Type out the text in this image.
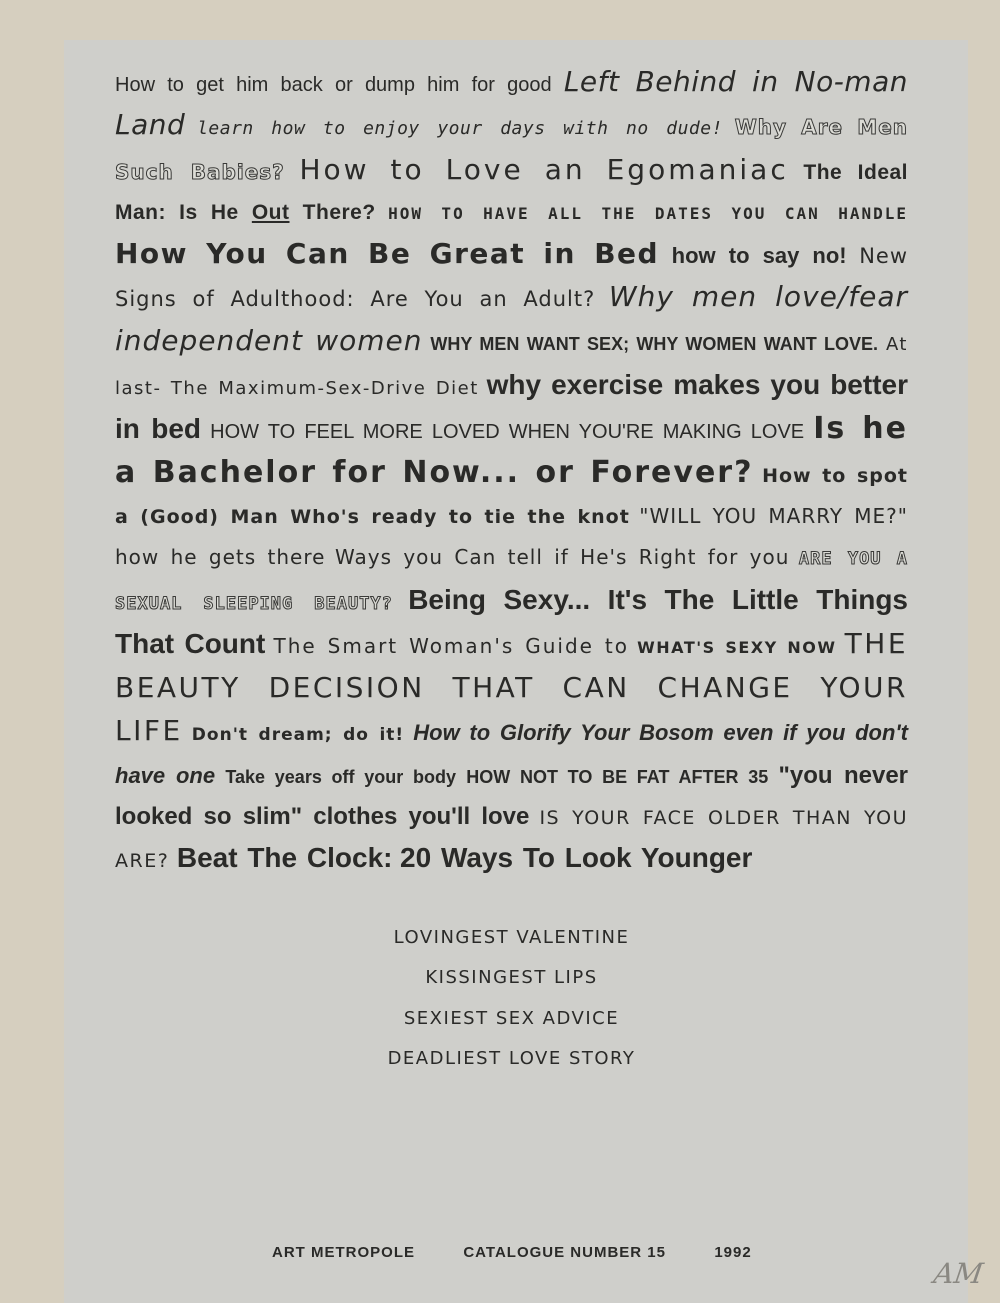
How to get him back or dump him for good Left Behind in No-man Land learn how to enjoy your days with no dude! Why Are Men Such Babies? How to Love an Egomaniac The Ideal Man: Is He Out There? HOW TO HAVE ALL THE DATES YOU CAN HANDLE How You Can Be Great in Bed how to say no! New Signs of Adulthood: Are You an Adult? Why men love/fear independent women WHY MEN WANT SEX; WHY WOMEN WANT LOVE. At last- The Maximum-Sex-Drive Diet why exercise makes you better in bed HOW TO FEEL MORE LOVED WHEN YOU'RE MAKING LOVE Is he a Bachelor for Now... or Forever? How to spot a (Good) Man Who's ready to tie the knot "WILL YOU MARRY ME?" how he gets there Ways you Can tell if He's Right for you ARE YOU A SEXUAL SLEEPING BEAUTY? Being Sexy... It's The Little Things That Count The Smart Woman's Guide to WHAT'S SEXY NOW THE BEAUTY DECISION THAT CAN CHANGE YOUR LIFE Don't dream; do it! How to Glorify Your Bosom even if you don't have one Take years off your body HOW NOT TO BE FAT AFTER 35 "you never looked so slim" clothes you'll love IS YOUR FACE OLDER THAN YOU ARE? Beat The Clock: 20 Ways To Look Younger
LOVINGEST VALENTINE
KISSINGEST LIPS
SEXIEST SEX ADVICE
DEADLIEST LOVE STORY
ART METROPOLE	CATALOGUE NUMBER 15	1992
AM
